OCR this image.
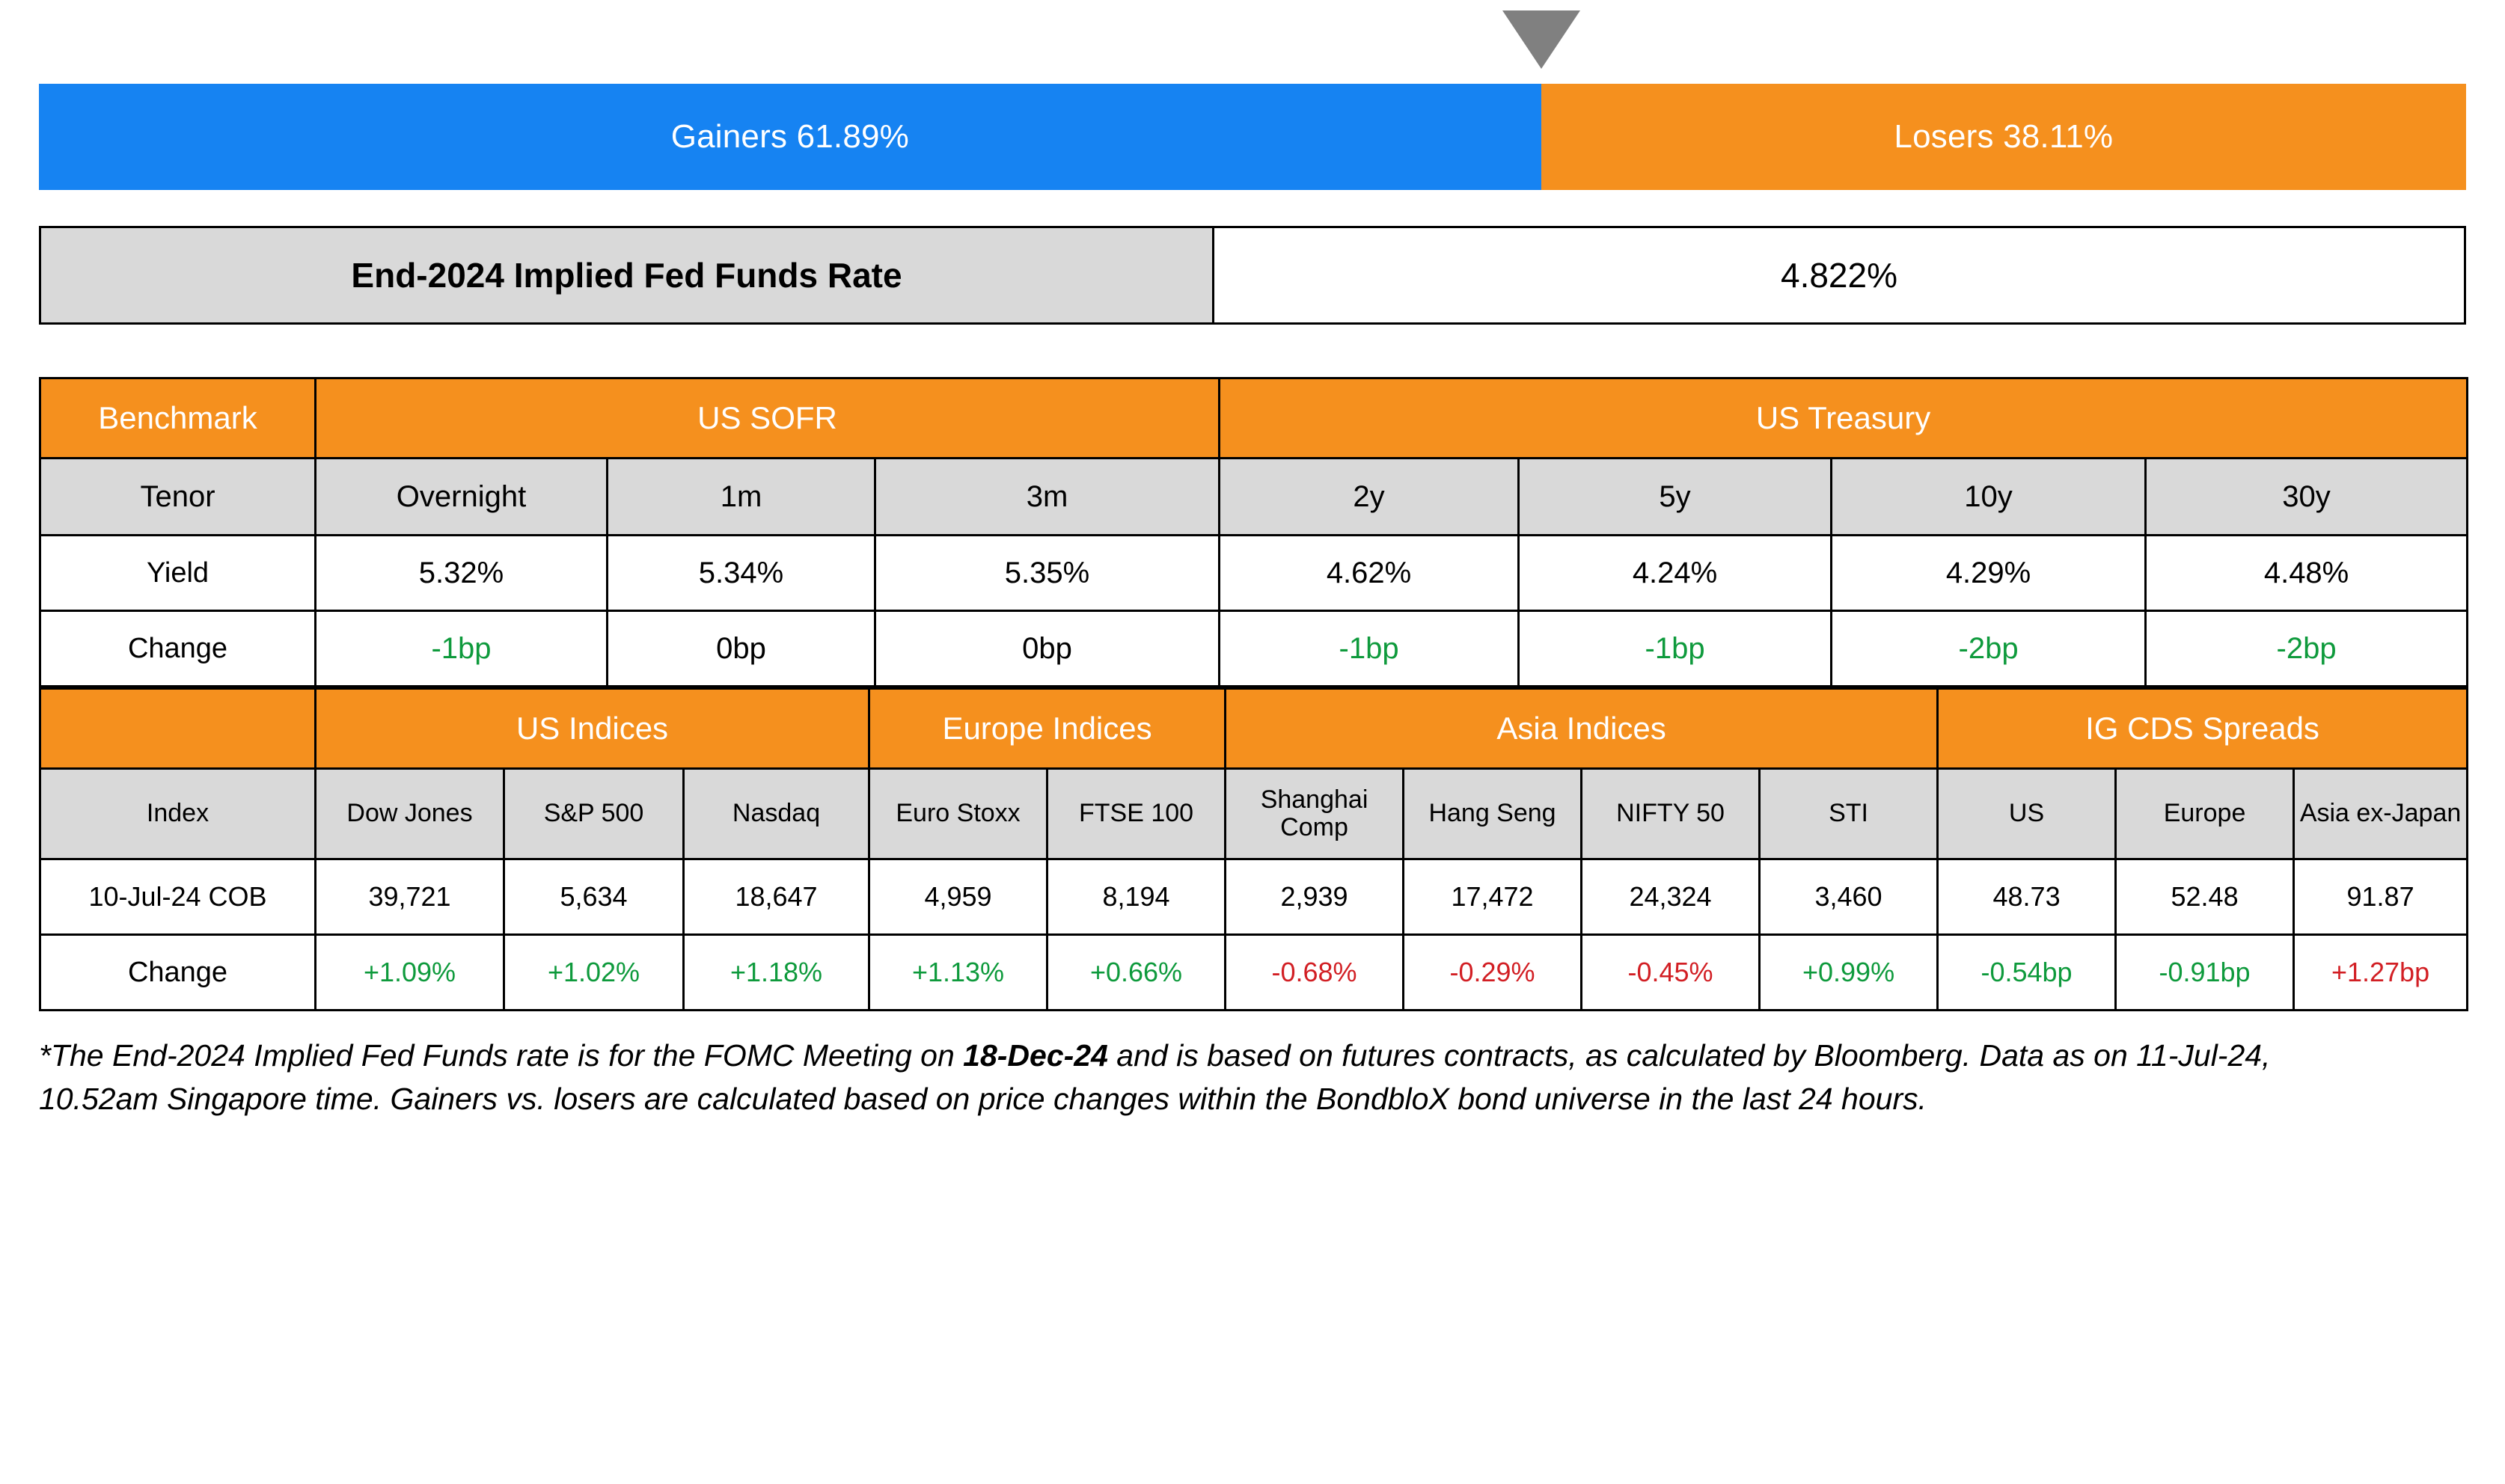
Gainers 61.89%	Losers 38.11%
End-2024 Implied Fed Funds Rate	4.822%
Benchmark	US SOFR			US Treasury			
Tenor	Overnight	1m	3m	2y	5y	10y	30y
Yield	5.32%	5.34%	5.35%	4.62%	4.24%	4.29%	4.48%
Change	-1bp	0bp	0bp	-1bp	-1bp	-2bp	-2bp
	US Indices			Europe Indices		Asia Indices				IG CDS Spreads		
Index	Dow Jones	S&P 500	Nasdaq	Euro Stoxx	FTSE 100	Shanghai Comp	Hang Seng	NIFTY 50	STI	US	Europe	Asia ex-Japan
10-Jul-24 COB	39,721	5,634	18,647	4,959	8,194	2,939	17,472	24,324	3,460	48.73	52.48	91.87
Change	+1.09%	+1.02%	+1.18%	+1.13%	+0.66%	-0.68%	-0.29%	-0.45%	+0.99%	-0.54bp	-0.91bp	+1.27bp
*The End-2024 Implied Fed Funds rate is for the FOMC Meeting on 18-Dec-24 and is based on futures contracts, as calculated by Bloomberg. Data as on 11-Jul-24, 10.52am Singapore time. Gainers vs. losers are calculated based on price changes within the BondbloX bond universe in the last 24 hours.
